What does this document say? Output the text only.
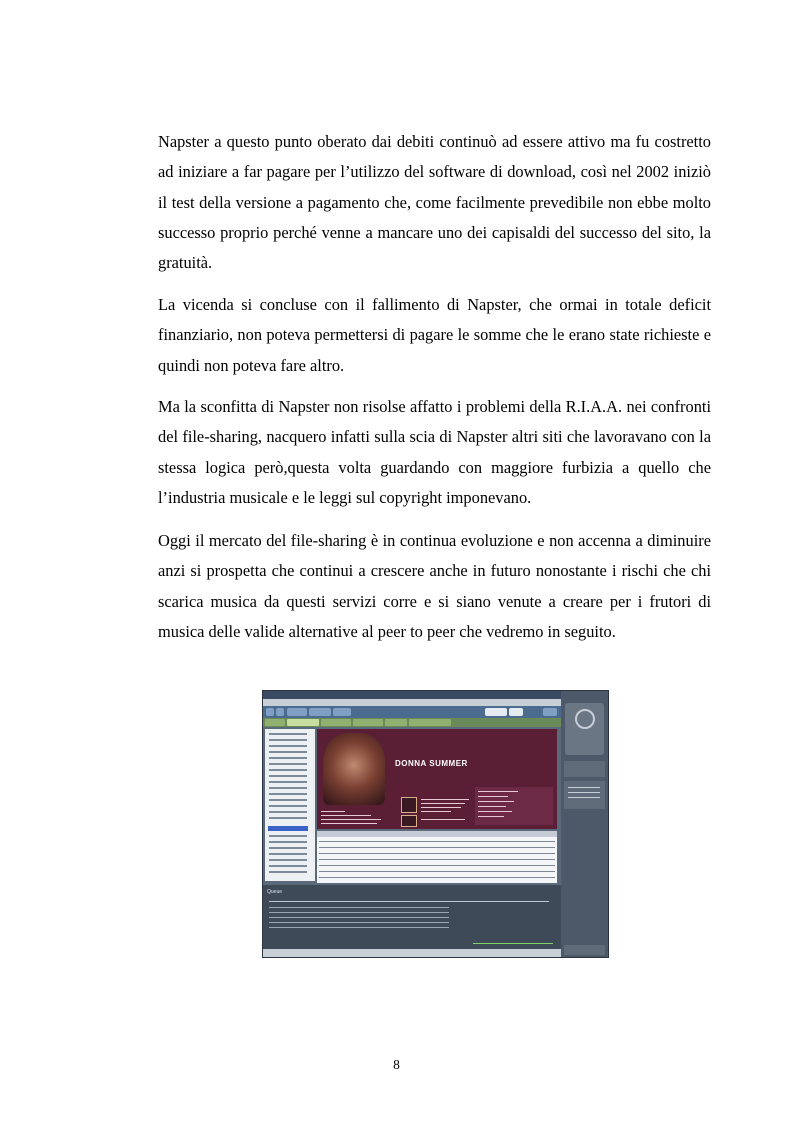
Napster a questo punto oberato dai debiti continuò ad essere attivo ma fu costretto ad iniziare a far pagare per l’utilizzo del software di download, così nel 2002 iniziò il test della versione a pagamento che, come facilmente prevedibile non ebbe molto successo proprio perché venne a mancare uno dei capisaldi del successo del sito, la gratuità.

La vicenda si concluse con il fallimento di Napster, che ormai in totale deficit finanziario, non poteva permettersi di pagare le somme che le erano state richieste e quindi non poteva fare altro.

Ma la sconfitta di Napster non risolse affatto i problemi della R.I.A.A. nei confronti del file-sharing, nacquero infatti sulla scia di Napster altri siti che lavoravano con la stessa logica però,questa volta guardando con maggiore furbizia a quello che l’industria musicale e le leggi sul copyright imponevano.

Oggi il mercato del file-sharing è in continua evoluzione e non accenna a diminuire anzi si prospetta che continui a crescere anche in futuro nonostante i rischi che chi scarica musica da questi servizi corre e si siano venute a creare per i frutori di musica delle valide alternative al peer to peer che vedremo in seguito.

DONNA SUMMER
Queue
8
